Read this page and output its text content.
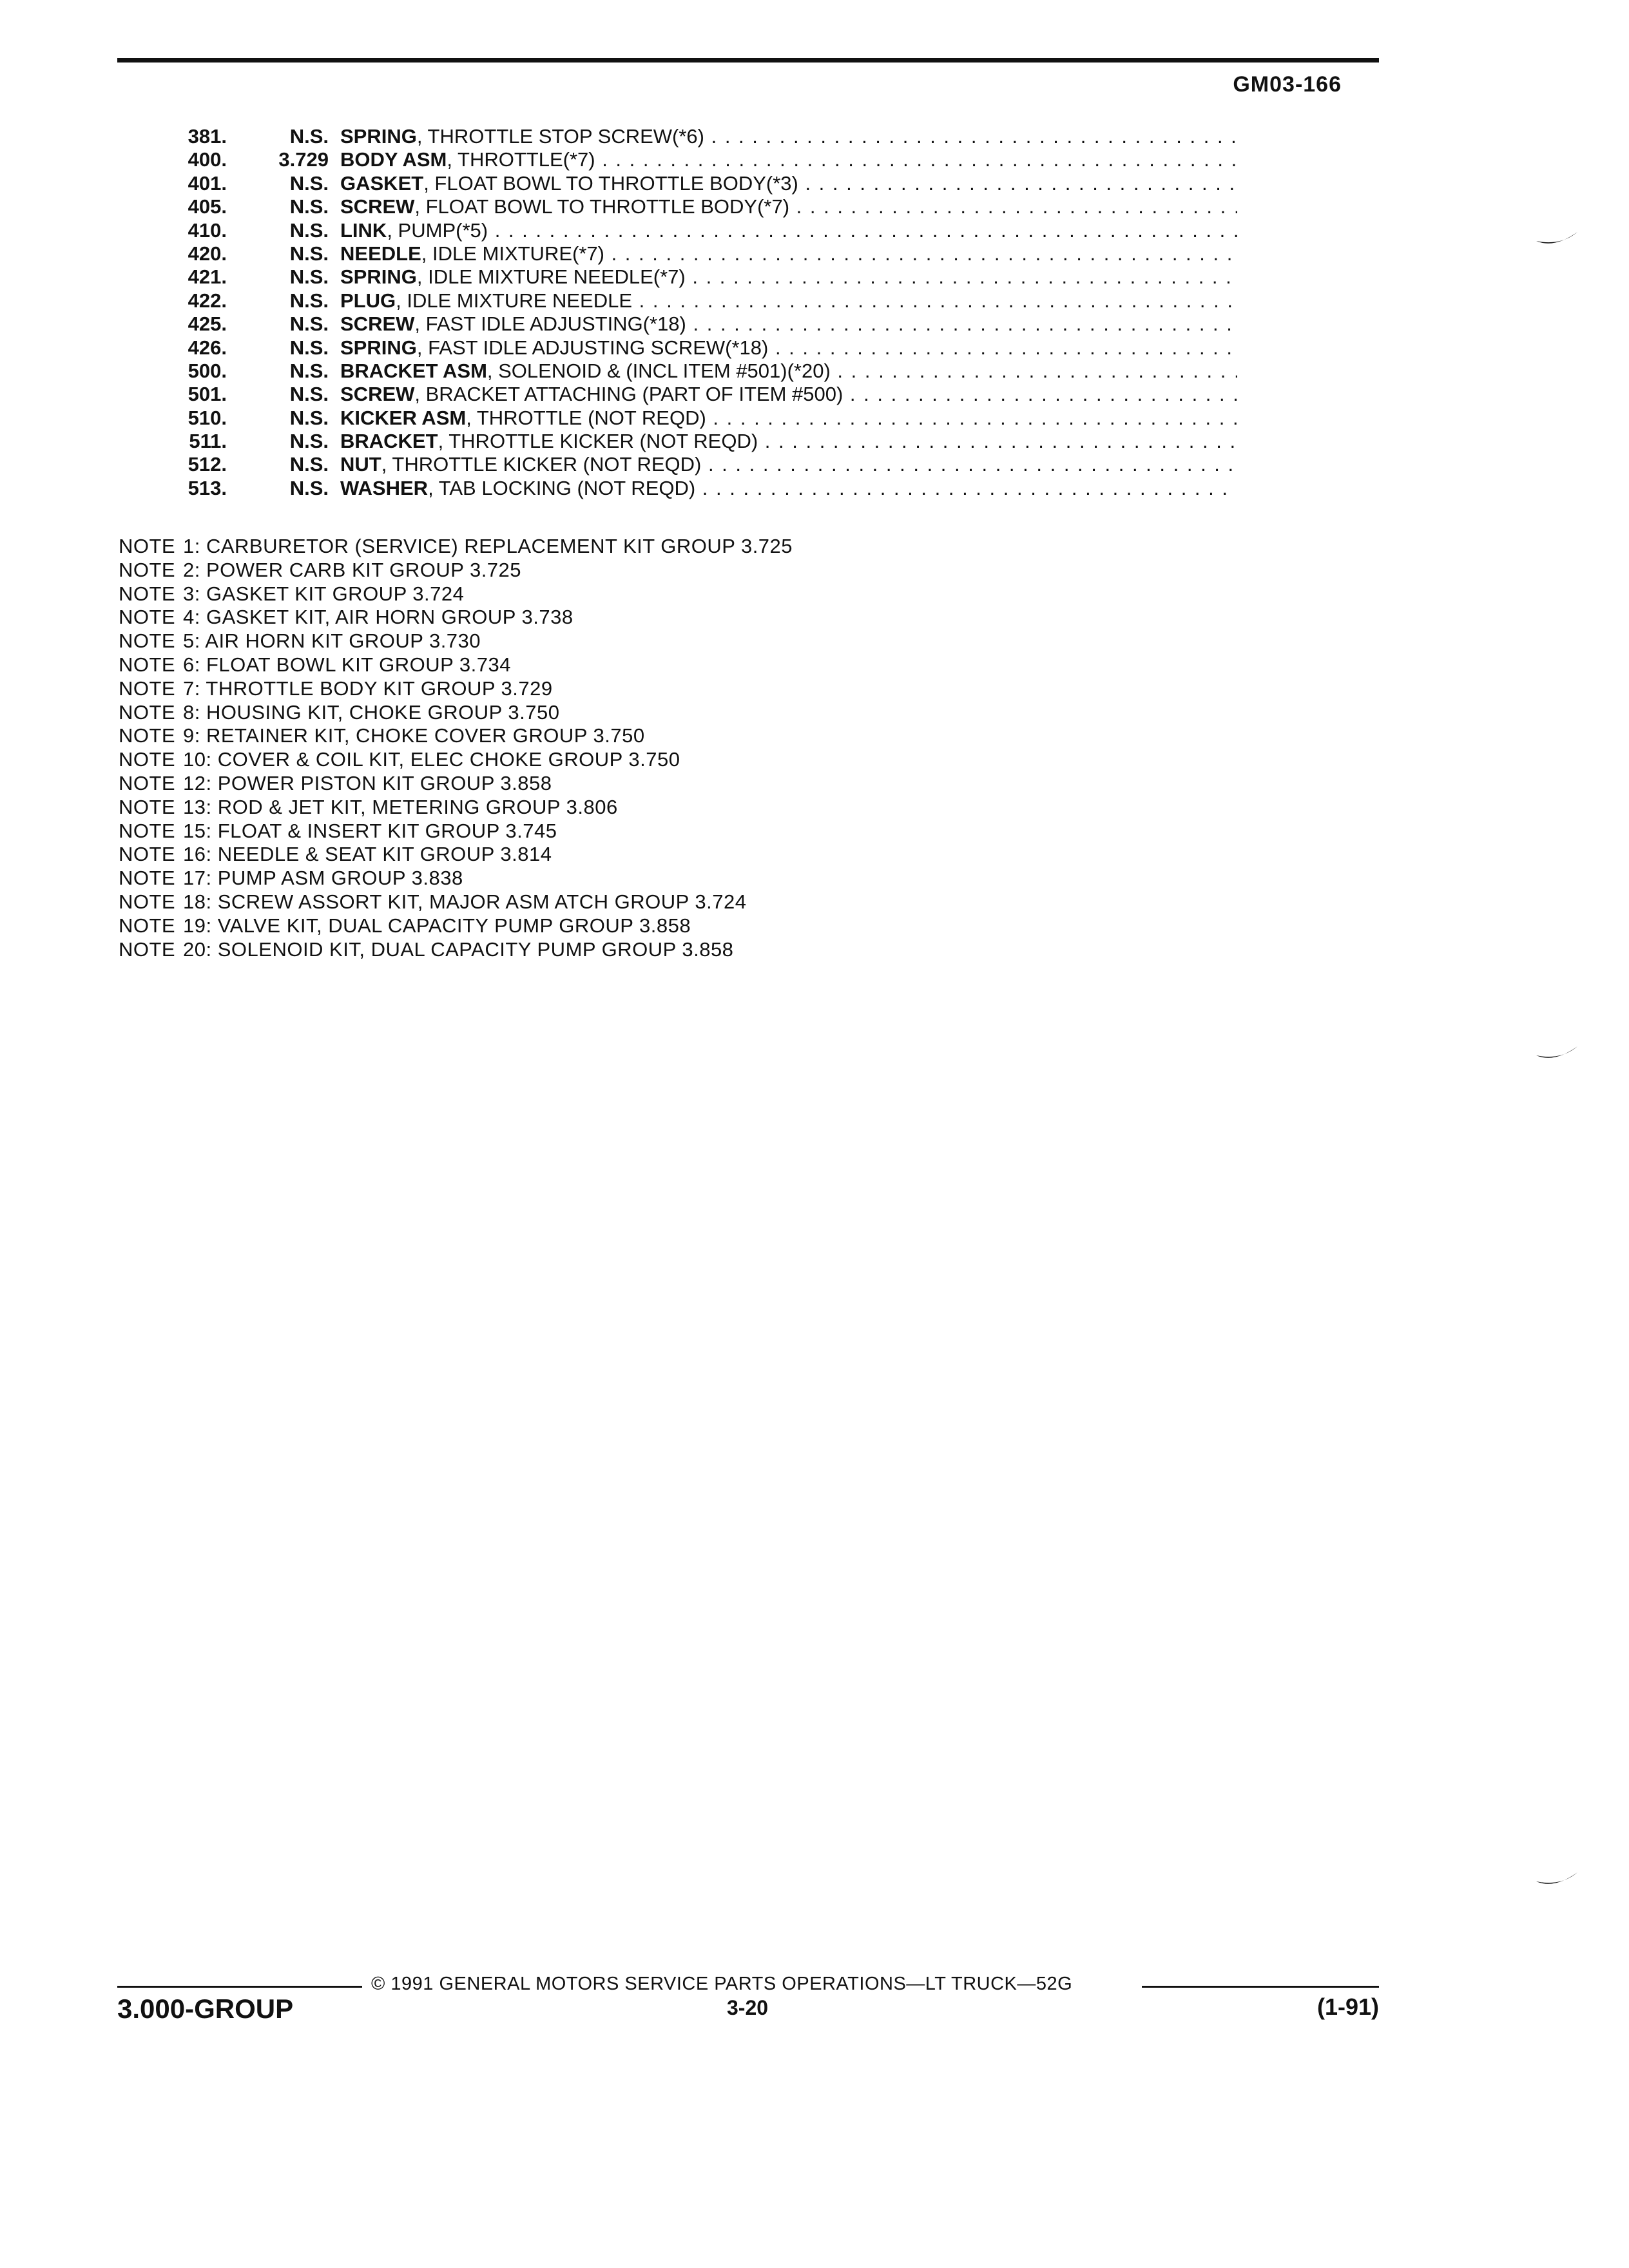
GM03-166
381.	N.S. SPRING, THROTTLE STOP SCREW(*6) . . .
400.	3.729 BODY ASM, THROTTLE(*7) . . .
401.	N.S. GASKET, FLOAT BOWL TO THROTTLE BODY(*3) . . .
405.	N.S. SCREW, FLOAT BOWL TO THROTTLE BODY(*7) . . .
410.	N.S. LINK, PUMP(*5) . . .
420.	N.S. NEEDLE, IDLE MIXTURE(*7) . . .
421.	N.S. SPRING, IDLE MIXTURE NEEDLE(*7) . . .
422.	N.S. PLUG, IDLE MIXTURE NEEDLE . . .
425.	N.S. SCREW, FAST IDLE ADJUSTING(*18) . . .
426.	N.S. SPRING, FAST IDLE ADJUSTING SCREW(*18) . . .
500.	N.S. BRACKET ASM, SOLENOID & (INCL ITEM #501)(*20) . . .
501.	N.S. SCREW, BRACKET ATTACHING (PART OF ITEM #500) . . .
510.	N.S. KICKER ASM, THROTTLE (NOT REQD) . . .
511.	N.S. BRACKET, THROTTLE KICKER (NOT REQD) . . .
512.	N.S. NUT, THROTTLE KICKER (NOT REQD) . . .
513.	N.S. WASHER, TAB LOCKING (NOT REQD) . . .
NOTE 1: CARBURETOR (SERVICE) REPLACEMENT KIT GROUP 3.725
NOTE 2: POWER CARB KIT GROUP 3.725
NOTE 3: GASKET KIT GROUP 3.724
NOTE 4: GASKET KIT, AIR HORN GROUP 3.738
NOTE 5: AIR HORN KIT GROUP 3.730
NOTE 6: FLOAT BOWL KIT GROUP 3.734
NOTE 7: THROTTLE BODY KIT GROUP 3.729
NOTE 8: HOUSING KIT, CHOKE GROUP 3.750
NOTE 9: RETAINER KIT, CHOKE COVER GROUP 3.750
NOTE 10: COVER & COIL KIT, ELEC CHOKE GROUP 3.750
NOTE 12: POWER PISTON KIT GROUP 3.858
NOTE 13: ROD & JET KIT, METERING GROUP 3.806
NOTE 15: FLOAT & INSERT KIT GROUP 3.745
NOTE 16: NEEDLE & SEAT KIT GROUP 3.814
NOTE 17: PUMP ASM GROUP 3.838
NOTE 18: SCREW ASSORT KIT, MAJOR ASM ATCH GROUP 3.724
NOTE 19: VALVE KIT, DUAL CAPACITY PUMP GROUP 3.858
NOTE 20: SOLENOID KIT, DUAL CAPACITY PUMP GROUP 3.858
© 1991 GENERAL MOTORS SERVICE PARTS OPERATIONS—LT TRUCK—52G
3.000-GROUP	3-20	(1-91)
